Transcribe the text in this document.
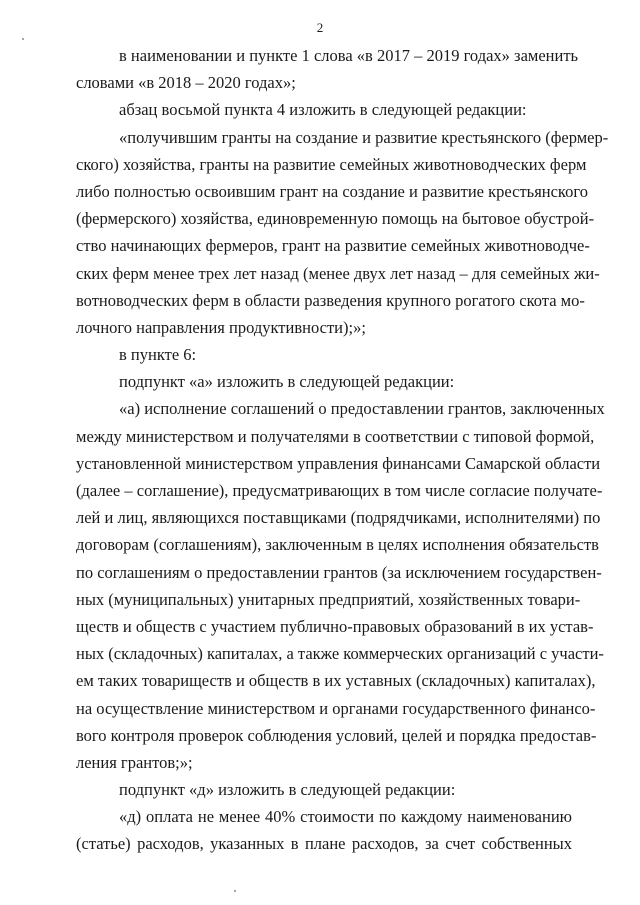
2
в наименовании и пункте 1 слова «в 2017 – 2019 годах» заменить
словами «в 2018 – 2020 годах»;
абзац восьмой пункта 4 изложить в следующей редакции:
«получившим гранты на создание и развитие крестьянского (фермер-
ского) хозяйства, гранты на развитие семейных животноводческих ферм
либо полностью освоившим грант на создание и развитие крестьянского
(фермерского) хозяйства, единовременную помощь на бытовое обустрой-
ство начинающих фермеров, грант на развитие семейных животноводче-
ских ферм менее трех лет назад (менее двух лет назад – для семейных жи-
вотноводческих ферм в области разведения крупного рогатого скота мо-
лочного направления продуктивности);»;
в пункте 6:
подпункт «а» изложить в следующей редакции:
«а) исполнение соглашений о предоставлении грантов, заключенных
между министерством и получателями в соответствии с типовой формой,
установленной министерством управления финансами Самарской области
(далее – соглашение), предусматривающих в том числе согласие получате-
лей и лиц, являющихся поставщиками (подрядчиками, исполнителями) по
договорам (соглашениям), заключенным в целях исполнения обязательств
по соглашениям о предоставлении грантов (за исключением государствен-
ных (муниципальных) унитарных предприятий, хозяйственных товари-
ществ и обществ с участием публично-правовых образований в их устав-
ных (складочных) капиталах, а также коммерческих организаций с участи-
ем таких товариществ и обществ в их уставных (складочных) капиталах),
на осуществление министерством и органами государственного финансо-
вого контроля проверок соблюдения условий, целей и порядка предостав-
ления грантов;»;
подпункт «д» изложить в следующей редакции:
«д) оплата не менее 40% стоимости по каждому наименованию
(статье) расходов, указанных в плане расходов, за счет собственных
